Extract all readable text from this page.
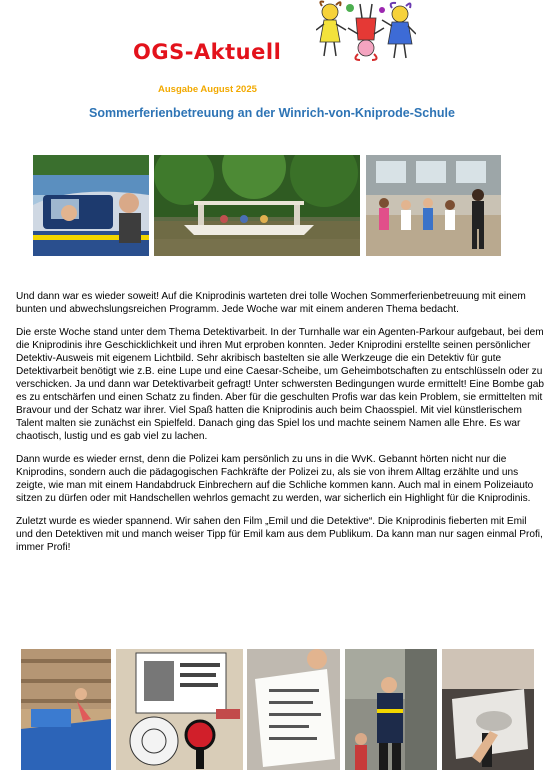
OGS-Aktuell
Ausgabe August 2025
Sommerferienbetreuung an der Winrich-von-Kniprode-Schule

Und dann war es wieder soweit! Auf die Kniprodinis warteten drei tolle Wochen Sommerferienbetreuung mit einem bunten und abwechslungsreichen Programm. Jede Woche war mit einem anderen Thema bedacht.

Die erste Woche stand unter dem Thema Detektivarbeit. In der Turnhalle war ein Agenten-Parkour aufgebaut, bei dem die Kniprodinis ihre Geschicklichkeit und ihren Mut erproben konnten. Jeder Kniprodini erstellte seinen persönlicher Detektiv-Ausweis mit eigenem Lichtbild. Sehr akribisch bastelten sie alle Werkzeuge die ein Detektiv für gute Detektivarbeit benötigt wie z.B. eine Lupe und eine Caesar-Scheibe, um Geheimbotschaften zu entschlüsseln oder zu verschicken. Ja und dann war Detektivarbeit gefragt! Unter schwersten Bedingungen wurde ermittelt! Eine Bombe gab es zu entschärfen und einen Schatz zu finden. Aber für die geschulten Profis war das kein Problem, sie ermittelten mit Bravour und der Schatz war ihrer. Viel Spaß hatten die Kniprodinis auch beim Chaosspiel. Mit viel künstlerischem Talent malten sie zunächst ein Spielfeld. Danach ging das Spiel los und machte seinem Namen alle Ehre. Es war chaotisch, lustig und es gab viel zu lachen.

Dann wurde es wieder ernst, denn die Polizei kam persönlich zu uns in die WvK. Gebannt hörten nicht nur die Kniprodins, sondern auch die pädagogischen Fachkräfte der Polizei zu, als sie von ihrem Alltag erzählte und uns zeigte, wie man mit einem Handabdruck Einbrechern auf die Schliche kommen kann. Auch mal in einem Polizeiauto sitzen zu dürfen oder mit Handschellen wehrlos gemacht zu werden, war sicherlich ein Highlight für die Kniprodinis.

Zuletzt wurde es wieder spannend. Wir sahen den Film „Emil und die Detektive“. Die Kniprodinis fieberten mit Emil und den Detektiven mit und manch weiser Tipp für Emil kam aus dem Publikum. Da kann man nur sagen einmal Profi, immer Profi!
